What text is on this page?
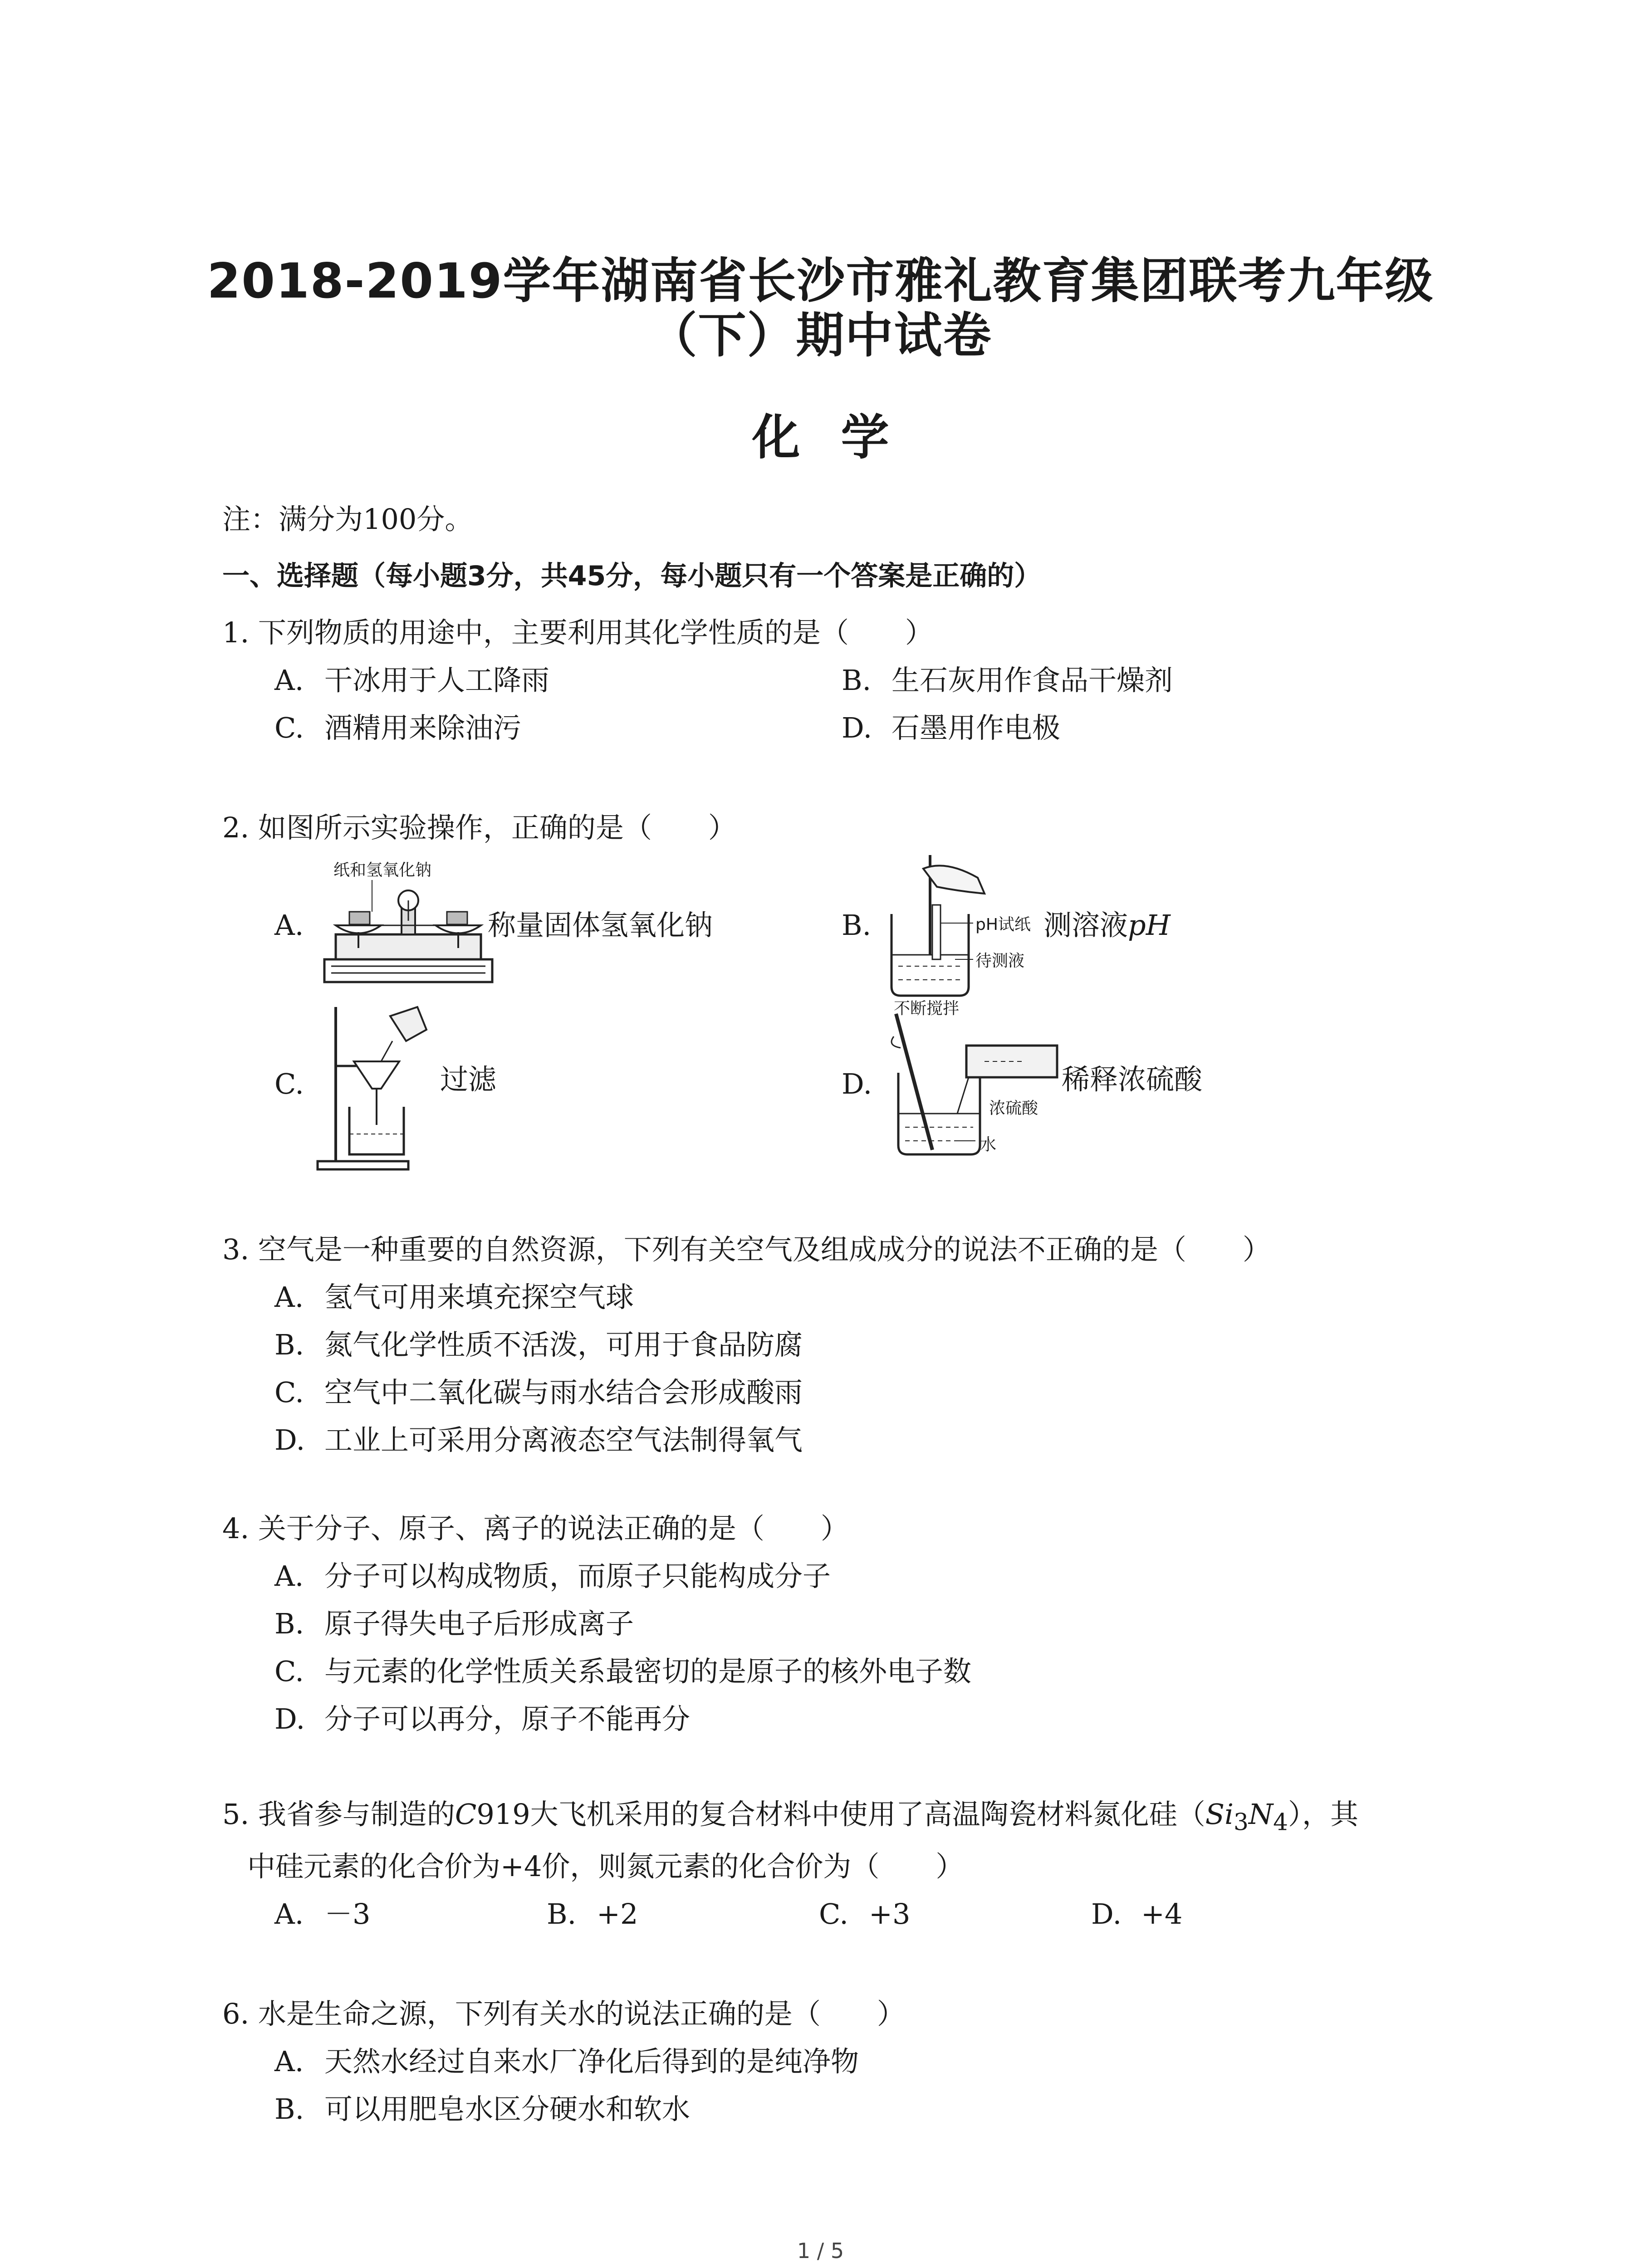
2018-2019学年湖南省长沙市雅礼教育集团联考九年级
（下）期中试卷
化学
注：满分为100分。
一、选择题（每小题3分，共45分，每小题只有一个答案是正确的）
1. 下列物质的用途中，主要利用其化学性质的是（　　）
A. 干冰用于人工降雨	B. 生石灰用作食品干燥剂
C. 酒精用来除油污	D. 石墨用作电极
2. 如图所示实验操作，正确的是（　　）
A.
纸和氢氧化钠
称量固体氢氧化钠	B.	pH试纸
待测液
测溶液pH
C.	过滤	D.
不断搅拌
浓硫酸
水
稀释浓硫酸
3. 空气是一种重要的自然资源，下列有关空气及组成成分的说法不正确的是（　　）
A. 氢气可用来填充探空气球
B. 氮气化学性质不活泼，可用于食品防腐
C. 空气中二氧化碳与雨水结合会形成酸雨
D. 工业上可采用分离液态空气法制得氧气
4. 关于分子、原子、离子的说法正确的是（　　）
A. 分子可以构成物质，而原子只能构成分子
B. 原子得失电子后形成离子
C. 与元素的化学性质关系最密切的是原子的核外电子数
D. 分子可以再分，原子不能再分
5. 我省参与制造的C919大飞机采用的复合材料中使用了高温陶瓷材料氮化硅$(Si_3N_4)$，其
中硅元素的化合价为+4价，则氮元素的化合价为（　　）
A. －3	B. +2	C. +3	D. +4
6. 水是生命之源，下列有关水的说法正确的是（　　）
A. 天然水经过自来水厂净化后得到的是纯净物
B. 可以用肥皂水区分硬水和软水
1 / 5
